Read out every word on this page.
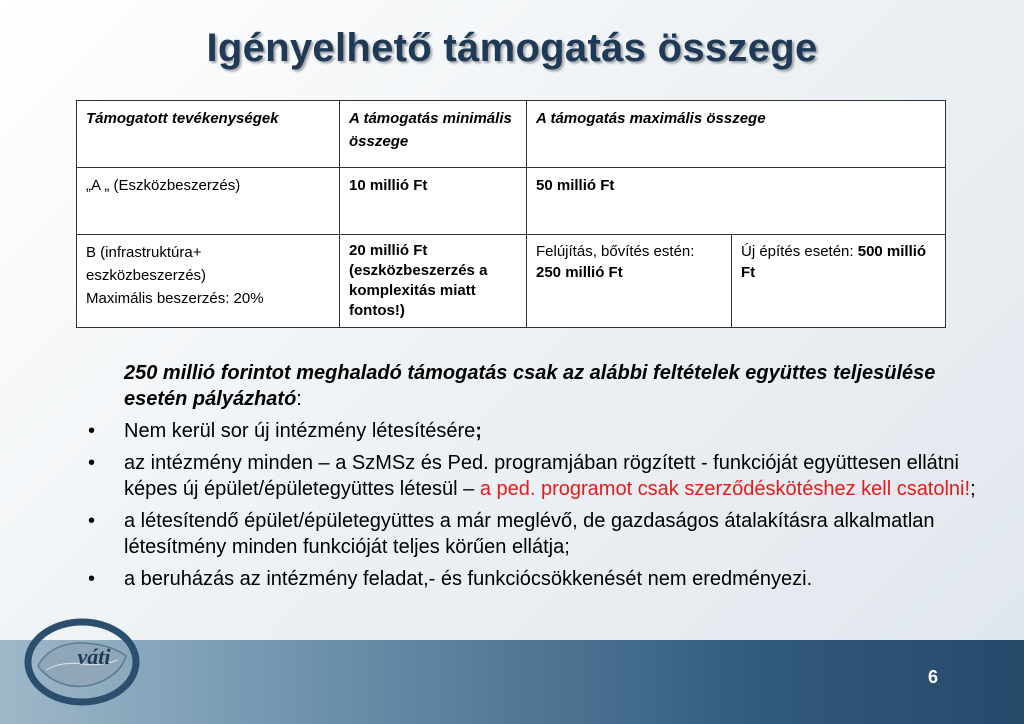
Igényelhető támogatás összege
Támogatott tevékenységek	A támogatás minimális összege	A támogatás maximális összege	
„A „ (Eszközbeszerzés)	10 millió Ft	50 millió Ft	

B (infrastruktúra+
eszközbeszerzés)
Maximális beszerzés: 20%	20 millió Ft (eszközbeszerzés a komplexitás miatt fontos!)	Felújítás, bővítés estén: 250 millió Ft	Új építés esetén: 500 millió Ft
250 millió forintot meghaladó támogatás csak az alábbi feltételek együttes teljesülése esetén pályázható:
• Nem kerül sor új intézmény létesítésére;
• az intézmény minden – a SzMSz és Ped. programjában rögzített - funkcióját együttesen ellátni képes új épület/épületegyüttes létesül – a ped. programot csak szerződéskötéshez kell csatolni!;
• a létesítendő épület/épületegyüttes a már meglévő, de gazdaságos átalakításra alkalmatlan létesítmény minden funkcióját teljes körűen ellátja;
• a beruházás az intézmény feladat,- és funkciócsökkenését nem eredményezi.
váti
6
